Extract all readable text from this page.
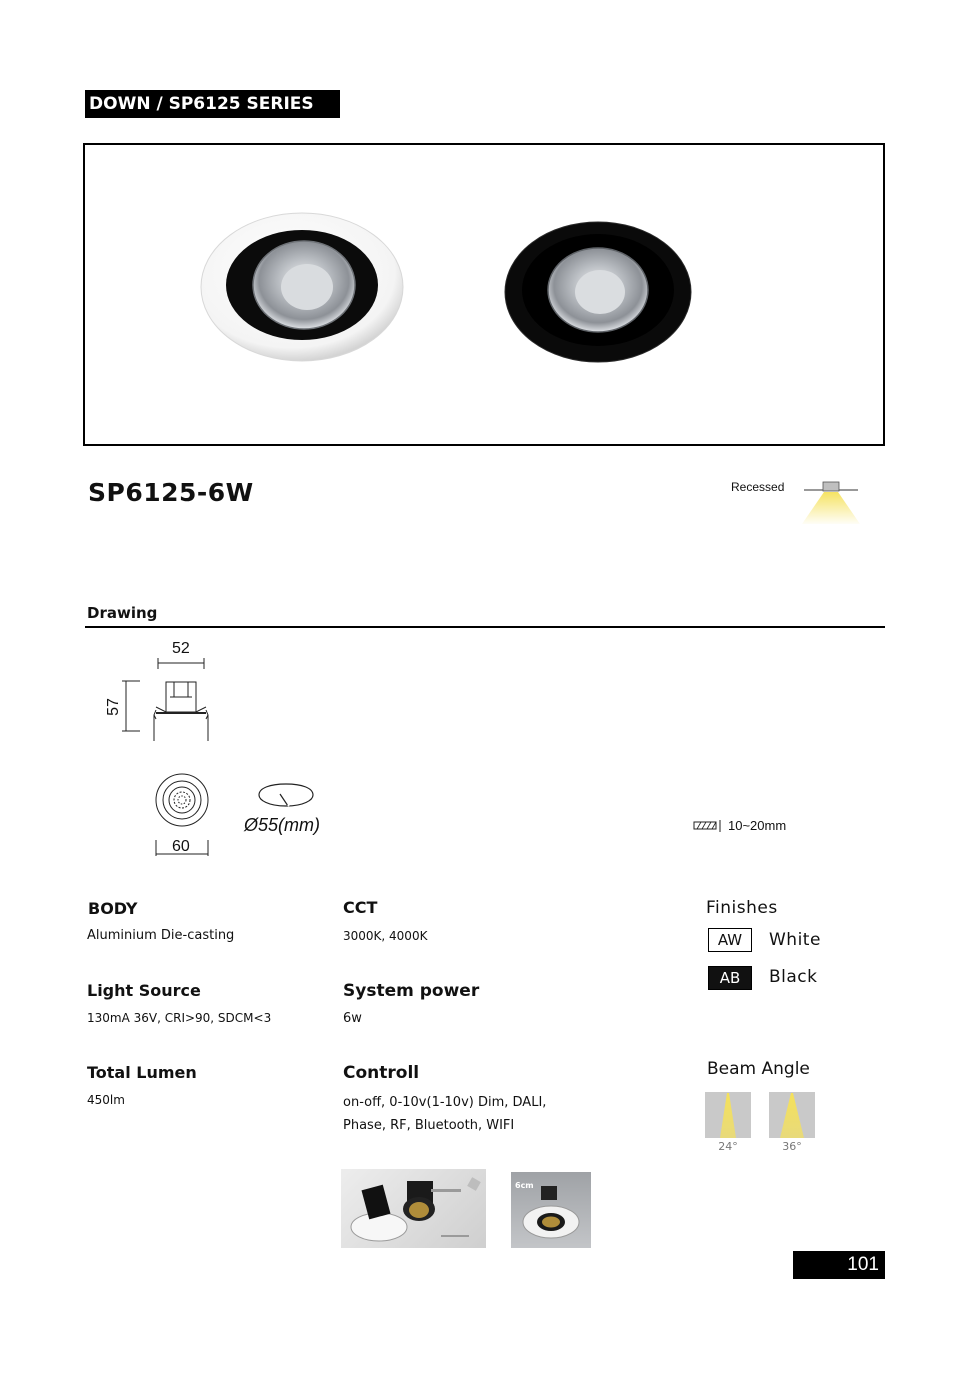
DOWN / SP6125 SERIES
SP6125-6W	Recessed
Drawing
52
57
60
Ø55(mm)	10~20mm
BODY
Aluminium Die-casting
Light Source
130mA 36V, CRI>90, SDCM<3
Total Lumen
450lm
CCT
3000K, 4000K
System power
6w
Controll
on-off, 0-10v(1-10v) Dim, DALI,
Phase, RF, Bluetooth, WIFI
Finishes
AW	White
AB	Black
Beam Angle
24°	36°
6cm
101
